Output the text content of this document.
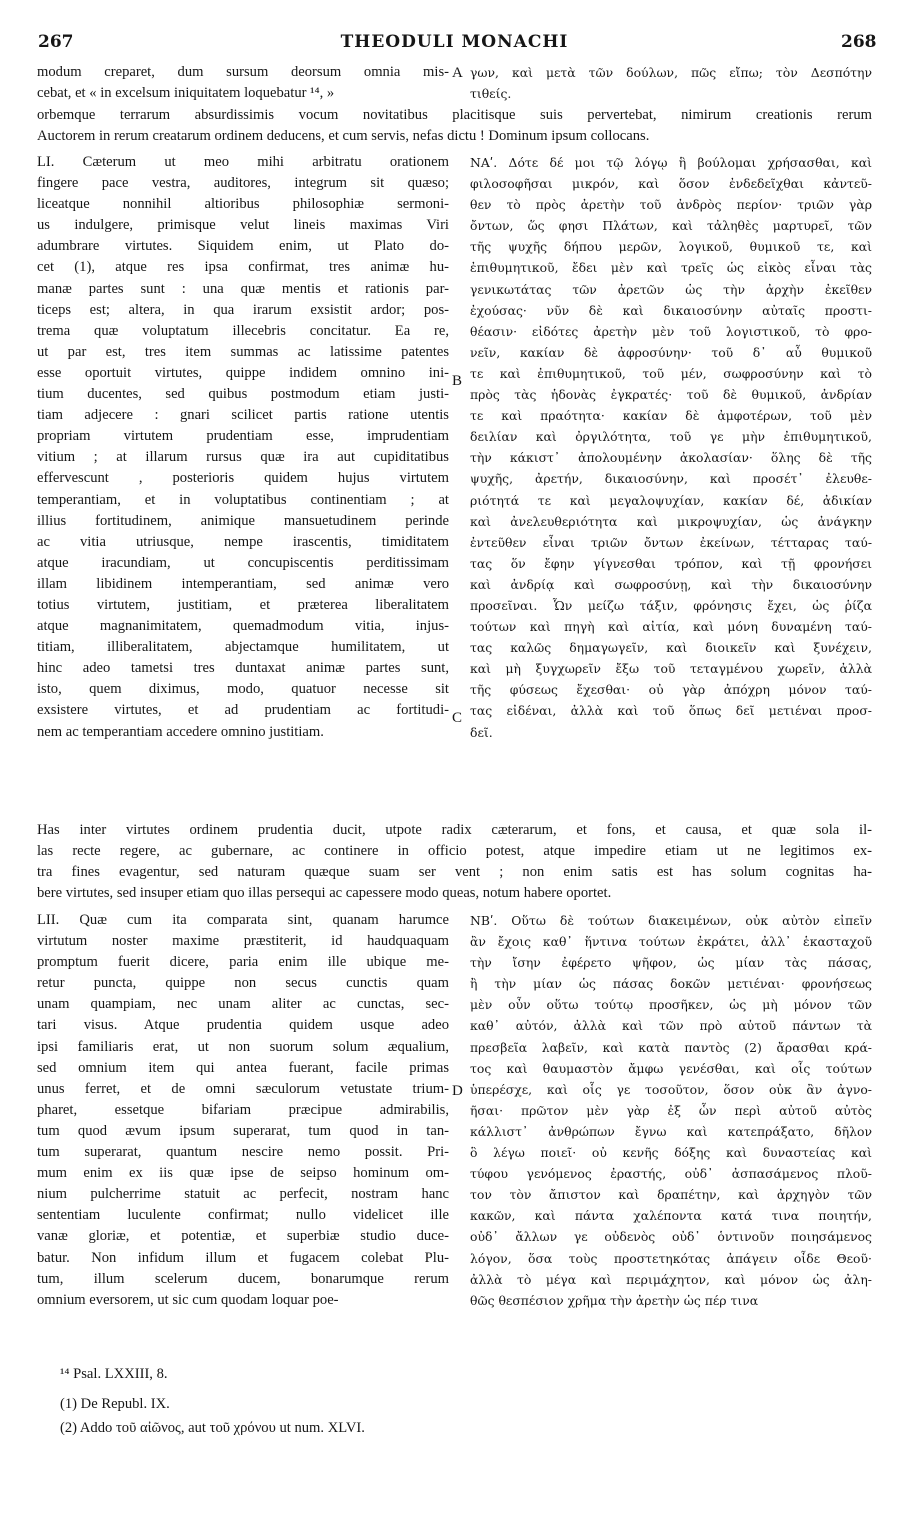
267	THEODULI MONACHI	268
A
B
C
D
modum creparet, dum sursum deorsum omnia mis-
cebat, et « in excelsum iniquitatem loquebatur ¹⁴, »
γων, καὶ μετὰ τῶν δούλων, πῶς εἴπω; τὸν Δεσπότην
τιθείς.
orbemque terrarum absurdissimis vocum novitatibus placitisque suis pervertebat, nimirum creationis rerum
Auctorem in rerum creatarum ordinem deducens, et cum servis, nefas dictu ! Dominum ipsum collocans.
LI. Cæterum ut meo mihi arbitratu orationem
fingere pace vestra, auditores, integrum sit quæso;
liceatque nonnihil altioribus philosophiæ sermoni-
us indulgere, primisque velut lineis maximas Viri
adumbrare virtutes. Siquidem enim, ut Plato do-
cet (1), atque res ipsa confirmat, tres animæ hu-
manæ partes sunt : una quæ mentis et rationis par-
ticeps est; altera, in qua irarum exsistit ardor; pos-
trema quæ voluptatum illecebris concitatur. Ea re,
ut par est, tres item summas ac latissime patentes
esse oportuit virtutes, quippe indidem omnino ini-
tium ducentes, sed quibus postmodum etiam justi-
tiam adjecere : gnari scilicet partis ratione utentis
propriam virtutem prudentiam esse, imprudentiam
vitium ; at illarum rursus quæ ira aut cupiditatibus
effervescunt , posterioris quidem hujus virtutem
temperantiam, et in voluptatibus continentiam ; at
illius fortitudinem, animique mansuetudinem perinde
ac vitia utriusque, nempe irascentis, timiditatem
atque iracundiam, ut concupiscentis perditissimam
illam libidinem intemperantiam, sed animæ vero
totius virtutem, justitiam, et præterea liberalitatem
atque magnanimitatem, quemadmodum vitia, injus-
titiam, illiberalitatem, abjectamque humilitatem, ut
hinc adeo tametsi tres duntaxat animæ partes sunt,
isto, quem diximus, modo, quatuor necesse sit
exsistere virtutes, et ad prudentiam ac fortitudi-
nem ac temperantiam accedere omnino justitiam.
ΝΑʹ. Δότε δέ μοι τῷ λόγῳ ἣ βούλομαι χρήσασθαι, καὶ
φιλοσοφῆσαι μικρόν, καὶ ὅσον ἐνδεδεῖχθαι κἀντεῦ-
θεν τὸ πρὸς ἀρετὴν τοῦ ἀνδρὸς περίον· τριῶν γὰρ
ὄντων, ὥς φησι Πλάτων, καὶ τἀληθὲς μαρτυρεῖ, τῶν
τῆς ψυχῆς δήπου μερῶν, λογικοῦ, θυμικοῦ τε, καὶ
ἐπιθυμητικοῦ, ἔδει μὲν καὶ τρεῖς ὡς εἰκὸς εἶναι τὰς
γενικωτάτας τῶν ἀρετῶν ὡς τὴν ἀρχὴν ἐκεῖθεν
ἐχούσας· νῦν δὲ καὶ δικαιοσύνην αὐταῖς προστι-
θέασιν· εἰδότες ἀρετὴν μὲν τοῦ λογιστικοῦ, τὸ φρο-
νεῖν, κακίαν δὲ ἀφροσύνην· τοῦ δ᾽ αὖ θυμικοῦ
τε καὶ ἐπιθυμητικοῦ, τοῦ μέν, σωφροσύνην καὶ τὸ
πρὸς τὰς ἡδονὰς ἐγκρατές· τοῦ δὲ θυμικοῦ, ἀνδρίαν
τε καὶ πραότητα· κακίαν δὲ ἀμφοτέρων, τοῦ μὲν
δειλίαν καὶ ὀργιλότητα, τοῦ γε μὴν ἐπιθυμητικοῦ,
τὴν κάκιστ᾽ ἀπολουμένην ἀκολασίαν· ὅλης δὲ τῆς
ψυχῆς, ἀρετήν, δικαιοσύνην, καὶ προσέτ᾽ ἐλευθε-
ριότητά τε καὶ μεγαλοψυχίαν, κακίαν δέ, ἀδικίαν
καὶ ἀνελευθεριότητα καὶ μικροψυχίαν, ὡς ἀνάγκην
ἐντεῦθεν εἶναι τριῶν ὄντων ἐκείνων, τέτταρας ταύ-
τας ὅν ἔφην γίγνεσθαι τρόπον, καὶ τῇ φρονήσει
καὶ ἀνδρίᾳ καὶ σωφροσύνῃ, καὶ τὴν δικαιοσύνην
προσεῖναι. Ὧν μείζω τάξιν, φρόνησις ἔχει, ὡς ῥίζα
τούτων καὶ πηγὴ καὶ αἰτία, καὶ μόνη δυναμένη ταύ-
τας καλῶς δημαγωγεῖν, καὶ διοικεῖν καὶ ξυνέχειν,
καὶ μὴ ξυγχωρεῖν ἔξω τοῦ τεταγμένου χωρεῖν, ἀλλὰ
τῆς φύσεως ἔχεσθαι· οὐ γὰρ ἀπόχρη μόνον ταύ-
τας εἰδέναι, ἀλλὰ καὶ τοῦ ὅπως δεῖ μετιέναι προσ-
δεῖ.
Has inter virtutes ordinem prudentia ducit, utpote radix cæterarum, et fons, et causa, et quæ sola il-
las recte regere, ac gubernare, ac continere in officio potest, atque impedire etiam ut ne legitimos ex-
tra fines evagentur, sed naturam quæque suam ser vent ; non enim satis est has solum cognitas ha-
bere virtutes, sed insuper etiam quo illas persequi ac capessere modo queas, notum habere oportet.
LII. Quæ cum ita comparata sint, quanam harumce
virtutum noster maxime præstiterit, id haudquaquam
promptum fuerit dicere, paria enim ille ubique me-
retur puncta, quippe non secus cunctis quam
unam quampiam, nec unam aliter ac cunctas, sec-
tari visus. Atque prudentia quidem usque adeo
ipsi familiaris erat, ut non suorum solum æqualium,
sed omnium item qui antea fuerant, facile primas
unus ferret, et de omni sæculorum vetustate trium-
pharet, essetque bifariam præcipue admirabilis,
tum quod ævum ipsum superarat, tum quod in tan-
tum superarat, quantum nescire nemo possit. Pri-
mum enim ex iis quæ ipse de seipso hominum om-
nium pulcherrime statuit ac perfecit, nostram hanc
sententiam luculente confirmat; nullo videlicet ille
vanæ gloriæ, et potentiæ, et superbiæ studio duce-
batur. Non infidum illum et fugacem colebat Plu-
tum, illum scelerum ducem, bonarumque rerum
omnium eversorem, ut sic cum quodam loquar poe-
ΝΒʹ. Οὕτω δὲ τούτων διακειμένων, οὐκ αὐτὸν εἰπεῖν
ἂν ἔχοις καθ᾽ ἥντινα τούτων ἐκράτει, ἀλλ᾽ ἑκασταχοῦ
τὴν ἴσην ἐφέρετο ψῆφον, ὡς μίαν τὰς πάσας,
ἢ τὴν μίαν ὡς πάσας δοκῶν μετιέναι· φρονήσεως
μὲν οὖν οὕτω τούτῳ προσῆκεν, ὡς μὴ μόνον τῶν
καθ᾽ αὐτόν, ἀλλὰ καὶ τῶν πρὸ αὐτοῦ πάντων τὰ
πρεσβεῖα λαβεῖν, καὶ κατὰ παντὸς (2) ἄρασθαι κρά-
τος καὶ θαυμαστὸν ἄμφω γενέσθαι, καὶ οἷς τούτων
ὑπερέσχε, καὶ οἷς γε τοσοῦτον, ὅσον οὐκ ἂν ἀγνο-
ῆσαι· πρῶτον μὲν γὰρ ἐξ ὧν περὶ αὐτοῦ αὐτὸς
κάλλιστ᾽ ἀνθρώπων ἔγνω καὶ κατεπράξατο, δῆλον
ὃ λέγω ποιεῖ· οὐ κενῆς δόξης καὶ δυναστείας καὶ
τύφου γενόμενος ἐραστής, οὐδ᾽ ἀσπασάμενος πλοῦ-
τον τὸν ἄπιστον καὶ δραπέτην, καὶ ἀρχηγὸν τῶν
κακῶν, καὶ πάντα χαλέποντα κατά τινα ποιητήν,
οὐδ᾽ ἄλλων γε οὐδενὸς οὐδ᾽ ὁντινοῦν ποιησάμενος
λόγον, ὅσα τοὺς προστετηκότας ἀπάγειν οἶδε Θεοῦ·
ἀλλὰ τὸ μέγα καὶ περιμάχητον, καὶ μόνον ὡς ἀλη-
θῶς θεσπέσιον χρῆμα τὴν ἀρετὴν ὡς πέρ τινα
¹⁴ Psal. LXXIII, 8.
(1) De Republ. IX.
(2) Addo τοῦ αἰῶνος, aut τοῦ χρόνου ut num. XLVI.
